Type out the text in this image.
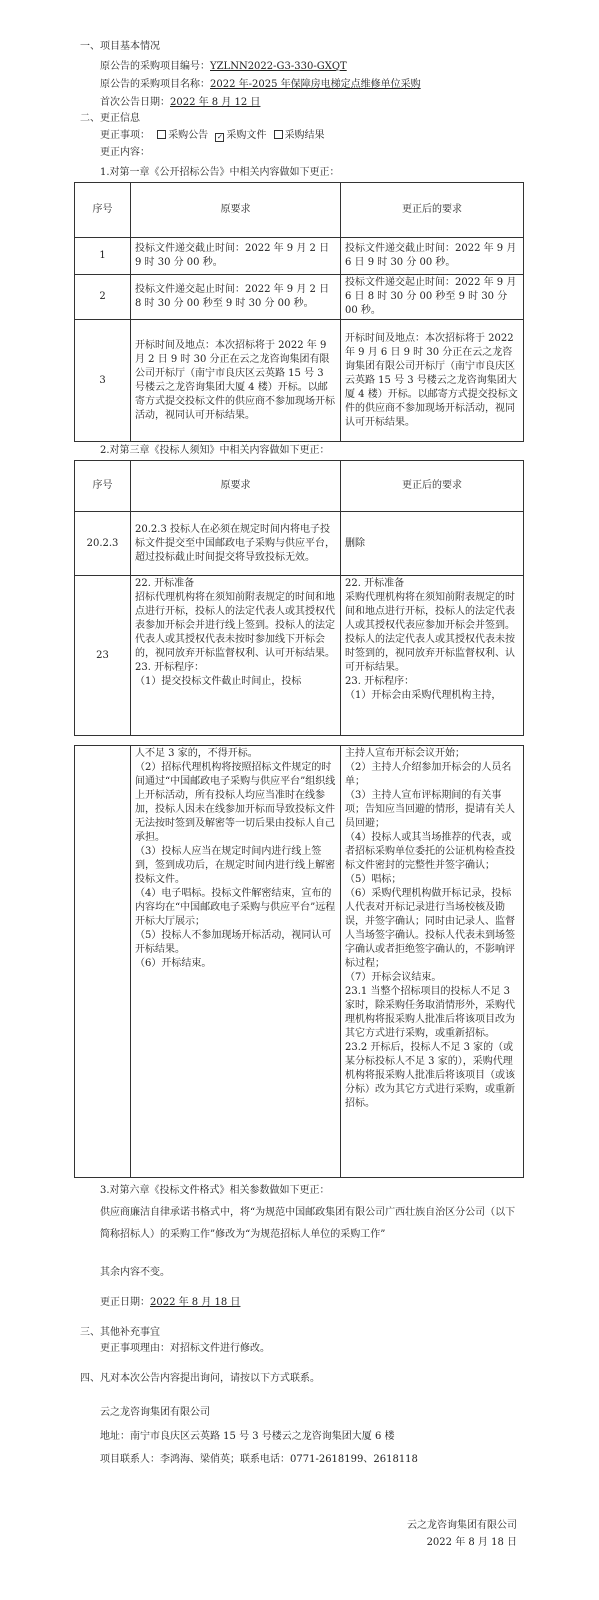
一、项目基本情况
原公告的采购项目编号：YZLNN2022-G3-330-GXQT
原公告的采购项目名称：2022 年-2025 年保障房电梯定点维修单位采购
首次公告日期：2022 年 8 月 12 日
二、更正信息
更正事项： 采购公告 ✓ 采购文件 采购结果
更正内容：
1.对第一章《公开招标公告》中相关内容做如下更正：
序号	原要求	更正后的要求
1	投标文件递交截止时间：2022 年 9 月 2 日 9 时 30 分 00 秒。	投标文件递交截止时间：2022 年 9 月 6 日 9 时 30 分 00 秒。
2	投标文件递交起止时间：2022 年 9 月 2 日 8 时 30 分 00 秒至 9 时 30 分 00 秒。	投标文件递交起止时间：2022 年 9 月 6 日 8 时 30 分 00 秒至 9 时 30 分 00 秒。
3	开标时间及地点：本次招标将于 2022 年 9 月 2 日 9 时 30 分正在云之龙咨询集团有限公司开标厅（南宁市良庆区云英路 15 号 3 号楼云之龙咨询集团大厦 4 楼）开标。以邮寄方式提交投标文件的供应商不参加现场开标活动，视同认可开标结果。	开标时间及地点：本次招标将于 2022 年 9 月 6 日 9 时 30 分正在云之龙咨询集团有限公司开标厅（南宁市良庆区云英路 15 号 3 号楼云之龙咨询集团大厦 4 楼）开标。以邮寄方式提交投标文件的供应商不参加现场开标活动，视同认可开标结果。
2.对第三章《投标人须知》中相关内容做如下更正：
序号	原要求	更正后的要求
20.2.3	20.2.3 投标人在必须在规定时间内将电子投标文件提交至中国邮政电子采购与供应平台，超过投标截止时间提交将导致投标无效。	删除
23	22. 开标准备
招标代理机构将在须知前附表规定的时间和地点进行开标，投标人的法定代表人或其授权代表参加开标会并进行线上签到。投标人的法定代表人或其授权代表未按时参加线下开标会的，视同放弃开标监督权利、认可开标结果。
23. 开标程序：
（1）提交投标文件截止时间止，投标	22. 开标准备
采购代理机构将在须知前附表规定的时间和地点进行开标，投标人的法定代表人或其授权代表应参加开标会并签到。投标人的法定代表人或其授权代表未按时签到的，视同放弃开标监督权利、认可开标结果。
23. 开标程序：
（1）开标会由采购代理机构主持，
	人不足 3 家的，不得开标。
（2）招标代理机构将按照招标文件规定的时间通过“中国邮政电子采购与供应平台”组织线上开标活动，所有投标人均应当准时在线参加，投标人因未在线参加开标而导致投标文件无法按时签到及解密等一切后果由投标人自己承担。
（3）投标人应当在规定时间内进行线上签到，签到成功后，在规定时间内进行线上解密投标文件。
（4）电子唱标。投标文件解密结束，宣布的内容均在“中国邮政电子采购与供应平台”远程开标大厅展示；
（5）投标人不参加现场开标活动，视同认可开标结果。
（6）开标结束。	主持人宣布开标会议开始；
（2）主持人介绍参加开标会的人员名单；
（3）主持人宣布评标期间的有关事项；告知应当回避的情形，提请有关人员回避；
（4）投标人或其当场推荐的代表，或者招标采购单位委托的公证机构检查投标文件密封的完整性并签字确认；
（5）唱标；
（6）采购代理机构做开标记录，投标人代表对开标记录进行当场校核及勘误，并签字确认；同时由记录人、监督人当场签字确认。投标人代表未到场签字确认或者拒绝签字确认的，不影响评标过程；
（7）开标会议结束。
23.1 当整个招标项目的投标人不足 3 家时，除采购任务取消情形外，采购代理机构将报采购人批准后将该项目改为其它方式进行采购，或重新招标。
23.2 开标后，投标人不足 3 家的（或某分标投标人不足 3 家的），采购代理机构将报采购人批准后将该项目（或该分标）改为其它方式进行采购，或重新招标。
3.对第六章《投标文件格式》相关参数做如下更正：
供应商廉洁自律承诺书格式中，将“为规范中国邮政集团有限公司广西壮族自治区分公司（以下简称招标人）的采购工作”修改为“为规范招标人单位的采购工作”
其余内容不变。
更正日期：2022 年 8 月 18 日
三、其他补充事宜
更正事项理由：对招标文件进行修改。
四、凡对本次公告内容提出询问，请按以下方式联系。
云之龙咨询集团有限公司
地址：南宁市良庆区云英路 15 号 3 号楼云之龙咨询集团大厦 6 楼
项目联系人：李鸿海、梁俏英；联系电话：0771-2618199、2618118
云之龙咨询集团有限公司
2022 年 8 月 18 日
